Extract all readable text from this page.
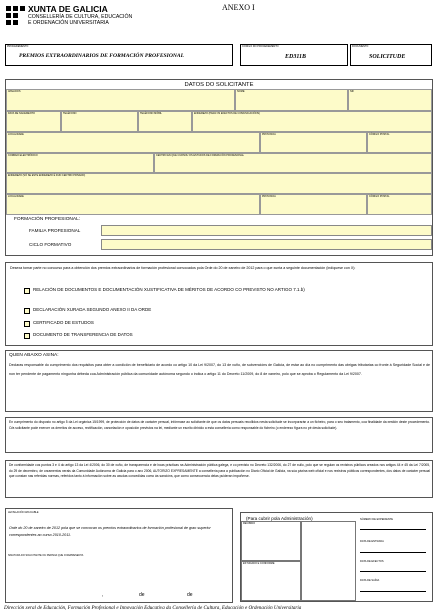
XUNTA DE GALICIA
CONSELLERÍA DE CULTURA, EDUCACIÓN
E ORDENACIÓN UNIVERSITARIA
ANEXO I
PROCEDEMENTO
PREMIOS EXTRAORDINARIOS DE FORMACIÓN PROFESIONAL
CÓDIGO DO PROCEDEMENTO
ED311B
DOCUMENTO
SOLICITUDE
DATOS DO SOLICITANTE
APELIDOS	NOME	NIF
DATA DE NACEMENTO	TELÉFONO	TELÉFONO MÓBIL	ENDEREZO (PARA OS EFECTOS DE COMUNICACIÓNS)
LOCALIDADE	PROVINCIA	CÓDIGO POSTAL
CORREO ELECTRÓNICO	CENTRO EN QUE CURSOU OS ESTUDOS DE FORMACIÓN PROFESIONAL
ENDEREZO (SÓ SE ESTE ENDEREZO É DUN CENTRO PRIVADO)
LOCALIDADE	PROVINCIA	CÓDIGO POSTAL
FORMACIÓN PROFESIONAL:
FAMILIA PROFESIONAL
CICLO FORMATIVO
Desexa tomar parte no concurso para a obtención dos premios extraordinarios de formación profesional convocados pola Orde do 20 de xaneiro de 2012 para o que xunta a seguinte documentación (indíquese con X):
RELACIÓN DE DOCUMENTOS E DOCUMENTACIÓN XUSTIFICATIVA DE MÉRITOS DE ACORDO CO PREVISTO NO ARTIGO 7.1.b)
DECLARACIÓN XURADA SEGUNDO ANEXO II DA ORDE
CERTIFICADO DE ESTUDOS
DOCUMENTO DE TRANSFERENCIA DE DATOS
QUEN ABAIXO ASINA:
Declaras responsable do cumprimento dos requisitos para obter a condición de beneficiario de acordo co artigo 10 da Lei 9/2007, do 13 de xuño, de subvencións de Galicia, de estar ao día no cumprimento das obrigas tributarias co fronte á Seguridade Social e de non ter pendente de pagamento ningunha débeda coa Administración pública da comunidade autónoma segundo o indica o artigo 11 do Decreto 11/2009, do 8 de xaneiro, polo que se aproba o Regulamento da Lei 9/2007.
En cumprimento do disposto no artigo 5 da Lei orgánica 15/1999, de protección de datos de carácter persoal, infórmase ao solicitante de que os datos persoais recollidos nesta solicitude se incorporarán a un ficheiro, para o seu tratamento, coa finalidade da xestión deste procedemento. O/a solicitante pode exercer os dereitos de acceso, rectificación, cancelación e oposición previstos na lei, mediante un escrito dirixido a esta consellería como responsable do ficheiro (o enderezo figura no pé desta solicitude).
De conformidade cos puntos 3 e 4 do artigo 13 da Lei 4/2006, do 30 de xuño, de transparencia e de boas prácticas na Administración pública galega, e co previsto no Decreto 132/2006, do 27 de xullo, polo que se regulan os rexistros públicos creados nos artigos 44 e 45 da Lei 7/2005, do 29 de decembro, de orzamentos xerais da Comunidade Autónoma de Galicia para o ano 2006, AUTORIZO EXPRESAMENTE a consellería para a publicación no Diario Oficial de Galicia, na súa páxina web oficial e nos rexistros públicos correspondentes, dos datos de carácter persoal que constan nas referidas normas, referidos tanto á información sobre as axudas concedidas como ás sancións, que como consecuencia delas puideran impoñerse.
LEXISLACIÓN APLICABLE
Orde do 20 de xaneiro de 2012 pola que se convocan os premios extraordinarios de formación profesional de grao superior correspondentes ao curso 2010-2011.
SINATURA DO SOLICITANTE OU PERSOA QUE O REPRESENTA
,	de	de
(Para cubrir pola Administración)
RECIBIDO
ESTUDADO E CONFORME
NÚMERO DE EXPEDIENTE
DATA DE ENTRADA
DATA DE EFECTOS
DATA DE SAÍDA
Dirección xeral de Educación, Formación Profesional e Innovación Educativa da Consellería de Cultura, Educación e Ordenación Universitaria
